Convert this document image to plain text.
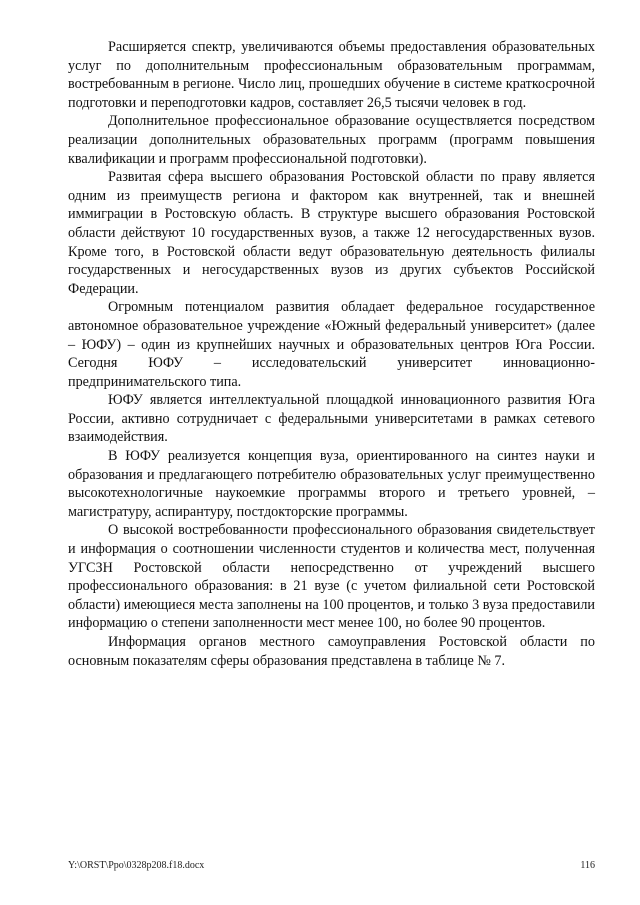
Расширяется спектр, увеличиваются объемы предоставления образовательных услуг по дополнительным профессиональным образовательным программам, востребованным в регионе. Число лиц, прошедших обучение в системе краткосрочной подготовки и переподготовки кадров, составляет 26,5 тысячи человек в год.

Дополнительное профессиональное образование осуществляется посредством реализации дополнительных образовательных программ (программ повышения квалификации и программ профессиональной подготовки).

Развитая сфера высшего образования Ростовской области по праву является одним из преимуществ региона и фактором как внутренней, так и внешней иммиграции в Ростовскую область. В структуре высшего образования Ростовской области действуют 10 государственных вузов, а также 12 негосударственных вузов. Кроме того, в Ростовской области ведут образовательную деятельность филиалы государственных и негосударственных вузов из других субъектов Российской Федерации.

Огромным потенциалом развития обладает федеральное государственное автономное образовательное учреждение «Южный федеральный университет» (далее – ЮФУ) – один из крупнейших научных и образовательных центров Юга России. Сегодня ЮФУ – исследовательский университет инновационно-предпринимательского типа.

ЮФУ является интеллектуальной площадкой инновационного развития Юга России, активно сотрудничает с федеральными университетами в рамках сетевого взаимодействия.

В ЮФУ реализуется концепция вуза, ориентированного на синтез науки и образования и предлагающего потребителю образовательных услуг преимущественно высокотехнологичные наукоемкие программы второго и третьего уровней, – магистратуру, аспирантуру, постдокторские программы.

О высокой востребованности профессионального образования свидетельствует и информация о соотношении численности студентов и количества мест, полученная УГСЗН Ростовской области непосредственно от учреждений высшего профессионального образования: в 21 вузе (с учетом филиальной сети Ростовской области) имеющиеся места заполнены на 100 процентов, и только 3 вуза предоставили информацию о степени заполненности мест менее 100, но более 90 процентов.

Информация органов местного самоуправления Ростовской области по основным показателям сферы образования представлена в таблице № 7.

Y:\ORST\Ppo\0328p208.f18.docx	116
